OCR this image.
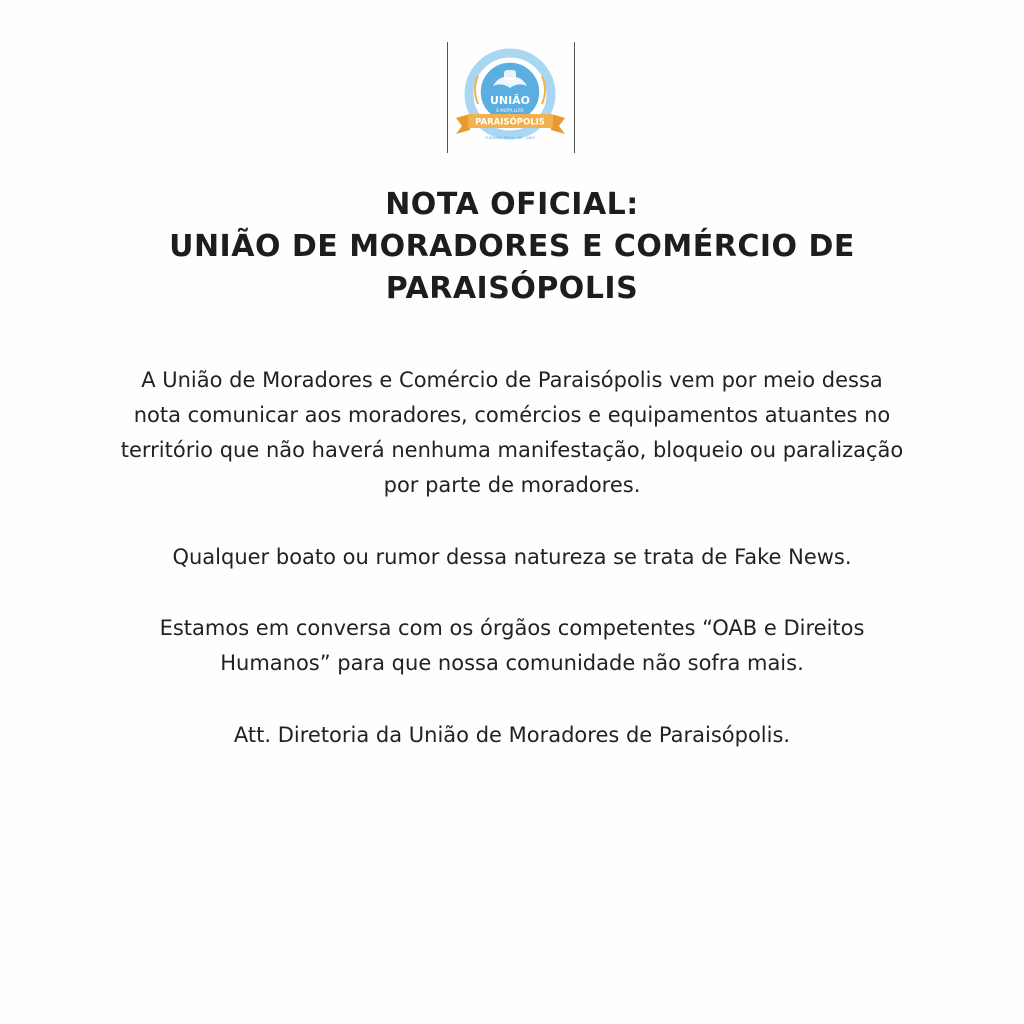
UNIÃO
É MUITA LUTA
PARAISÓPOLIS
FUNDADA EM 10 - 09 - 2003
NOTA OFICIAL:
UNIÃO DE MORADORES E COMÉRCIO DE
PARAISÓPOLIS

A União de Moradores e Comércio de Paraisópolis vem por meio dessa
nota comunicar aos moradores, comércios e equipamentos atuantes no
território que não haverá nenhuma manifestação, bloqueio ou paralização
por parte de moradores.

Qualquer boato ou rumor dessa natureza se trata de Fake News.

Estamos em conversa com os órgãos competentes “OAB e Direitos
Humanos” para que nossa comunidade não sofra mais.

Att. Diretoria da União de Moradores de Paraisópolis.
